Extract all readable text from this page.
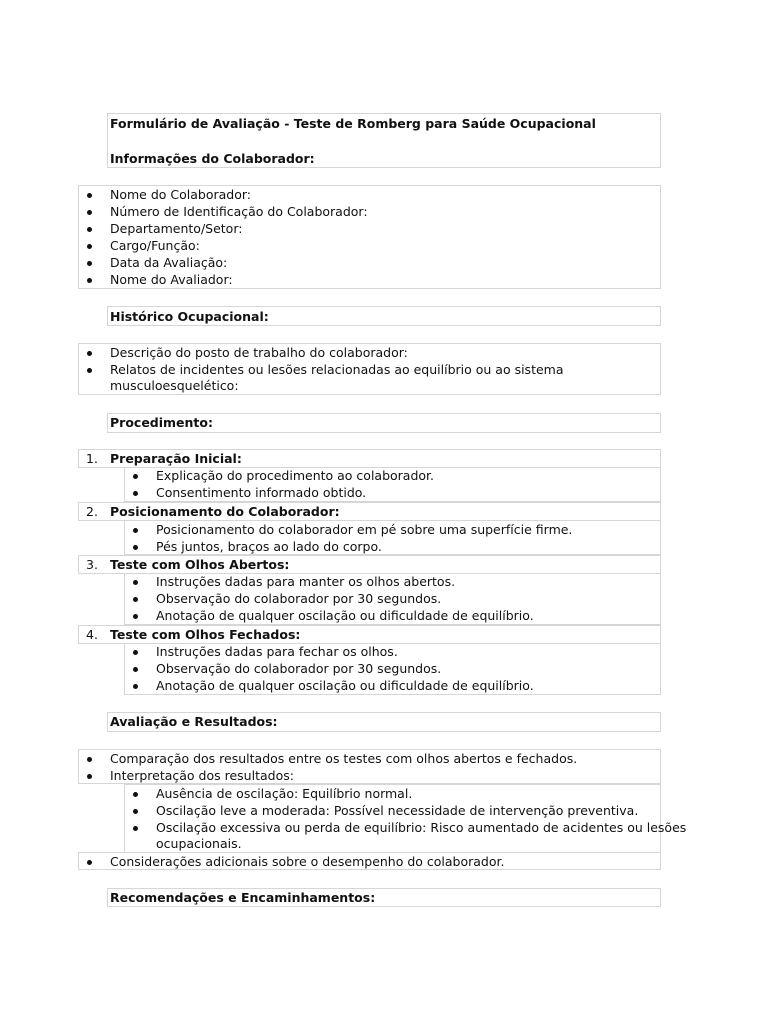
Formulário de Avaliação - Teste de Romberg para Saúde Ocupacional
Informações do Colaborador:
Nome do Colaborador:
Número de Identificação do Colaborador:
Departamento/Setor:
Cargo/Função:
Data da Avaliação:
Nome do Avaliador:
Histórico Ocupacional:
Descrição do posto de trabalho do colaborador:
Relatos de incidentes ou lesões relacionadas ao equilíbrio ou ao sistema
musculoesquelético:
Procedimento:
1. Preparação Inicial:
Explicação do procedimento ao colaborador.
Consentimento informado obtido.
2. Posicionamento do Colaborador:
Posicionamento do colaborador em pé sobre uma superfície firme.
Pés juntos, braços ao lado do corpo.
3. Teste com Olhos Abertos:
Instruções dadas para manter os olhos abertos.
Observação do colaborador por 30 segundos.
Anotação de qualquer oscilação ou dificuldade de equilíbrio.
4. Teste com Olhos Fechados:
Instruções dadas para fechar os olhos.
Observação do colaborador por 30 segundos.
Anotação de qualquer oscilação ou dificuldade de equilíbrio.
Avaliação e Resultados:
Comparação dos resultados entre os testes com olhos abertos e fechados.
Interpretação dos resultados:
Ausência de oscilação: Equilíbrio normal.
Oscilação leve a moderada: Possível necessidade de intervenção preventiva.
Oscilação excessiva ou perda de equilíbrio: Risco aumentado de acidentes ou lesões
ocupacionais.
Considerações adicionais sobre o desempenho do colaborador.
Recomendações e Encaminhamentos:
